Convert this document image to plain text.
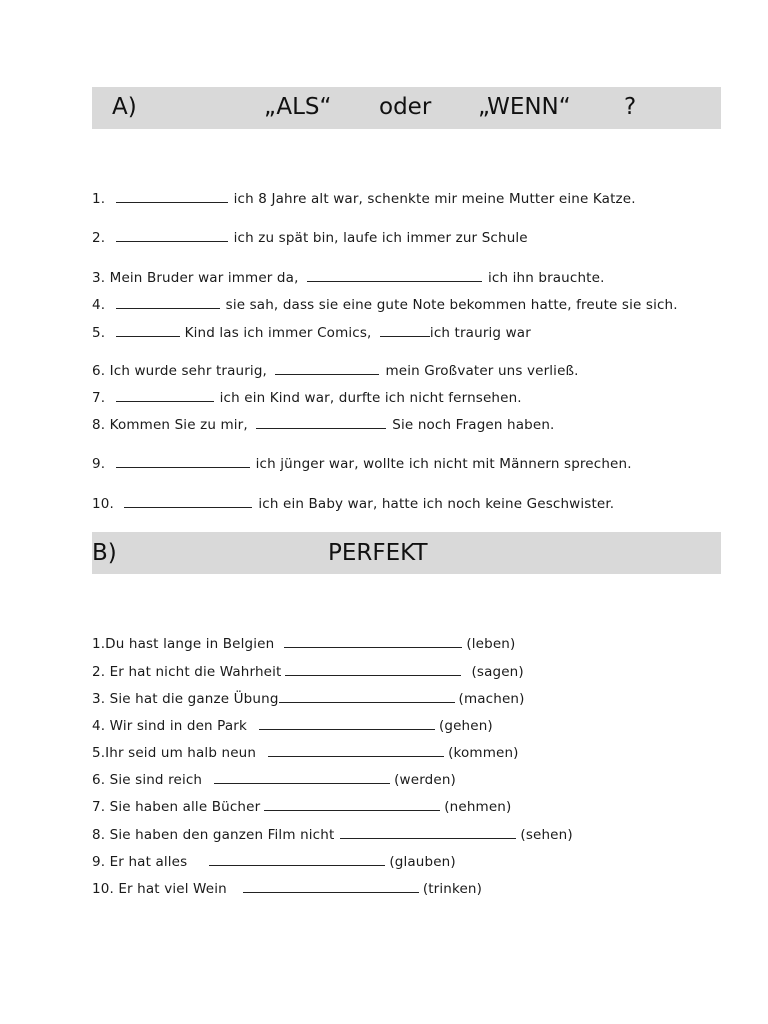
A)	„ALS“ oder „WENN“ ?
1.	ich 8 Jahre alt war, schenkte mir meine Mutter eine Katze.
2.	ich zu spät bin, laufe ich immer zur Schule
3. Mein Bruder war immer da,	ich ihn brauchte.
4.	sie sah, dass sie eine gute Note bekommen hatte, freute sie sich.
5.	Kind las ich immer Comics,	ich traurig war
6. Ich wurde sehr traurig,	mein Großvater uns verließ.
7.	ich ein Kind war, durfte ich nicht fernsehen.
8. Kommen Sie zu mir,	Sie noch Fragen haben.
9.	ich jünger war, wollte ich nicht mit Männern sprechen.
10.	ich ein Baby war, hatte ich noch keine Geschwister.
B)	PERFEKT
1.Du hast lange in Belgien	(leben)
2. Er hat nicht die Wahrheit	(sagen)
3. Sie hat die ganze Übung	(machen)
4. Wir sind in den Park	(gehen)
5.Ihr seid um halb neun	(kommen)
6. Sie sind reich	(werden)
7. Sie haben alle Bücher	(nehmen)
8. Sie haben den ganzen Film nicht	(sehen)
9. Er hat alles	(glauben)
10. Er hat viel Wein	(trinken)
